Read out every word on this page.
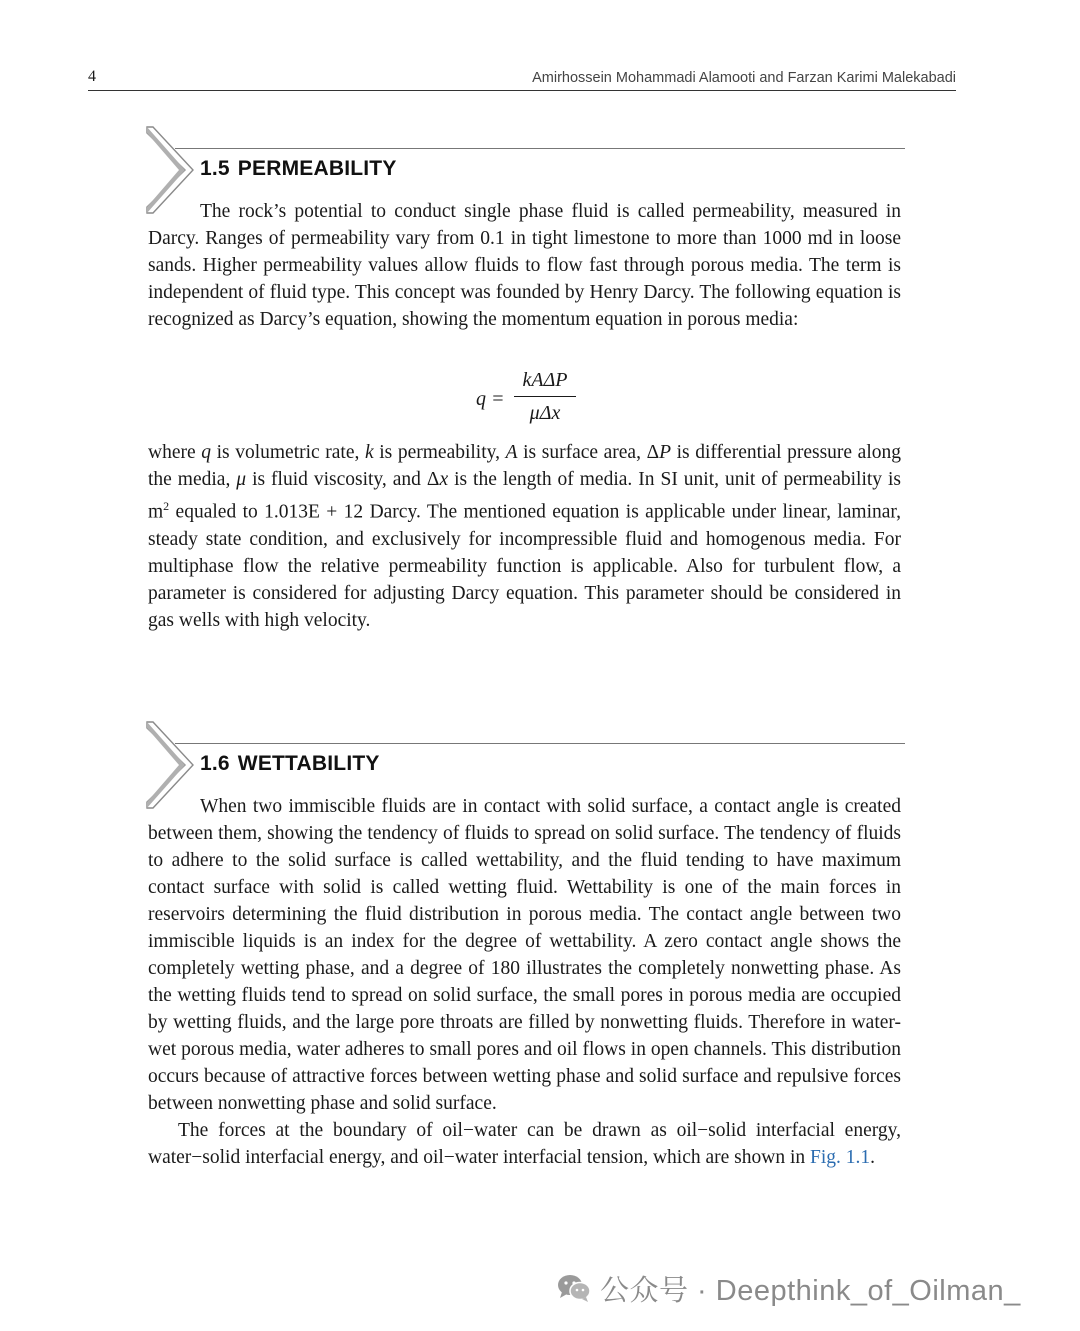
4	Amirhossein Mohammadi Alamooti and Farzan Karimi Malekabadi
1.5 PERMEABILITY

The rock’s potential to conduct single phase fluid is called permeability, measured in Darcy. Ranges of permeability vary from 0.1 in tight limestone to more than 1000 md in loose sands. Higher permeability values allow fluids to flow fast through porous media. The term is independent of fluid type. This concept was founded by Henry Darcy. The following equation is recognized as Darcy’s equation, showing the momentum equation in porous media:

q =
kAΔP
μΔx

where q is volumetric rate, k is permeability, A is surface area, ΔP is differential pressure along the media, μ is fluid viscosity, and Δx is the length of media. In SI unit, unit of permeability is $m^2$ equaled to 1.013E + 12 Darcy. The mentioned equation is applicable under linear, laminar, steady state condition, and exclusively for incompressible fluid and homogenous media. For multiphase flow the relative permeability function is applicable. Also for turbulent flow, a parameter is considered for adjusting Darcy equation. This parameter should be considered in gas wells with high velocity.

1.6 WETTABILITY

When two immiscible fluids are in contact with solid surface, a contact angle is created between them, showing the tendency of fluids to spread on solid surface. The tendency of fluids to adhere to the solid surface is called wettability, and the fluid tending to have maximum contact surface with solid is called wetting fluid. Wettability is one of the main forces in reservoirs determining the fluid distribution in porous media. The contact angle between two immiscible liquids is an index for the degree of wettability. A zero contact angle shows the completely wetting phase, and a degree of 180 illustrates the completely nonwetting phase. As the wetting fluids tend to spread on solid surface, the small pores in porous media are occupied by wetting fluids, and the large pore throats are filled by nonwetting fluids. Therefore in water-wet porous media, water adheres to small pores and oil flows in open channels. This distribution occurs because of attractive forces between wetting phase and solid surface and repulsive forces between nonwetting phase and solid surface.

The forces at the boundary of oil−water can be drawn as oil−solid interfacial energy, water−solid interfacial energy, and oil−water interfacial tension, which are shown in Fig. 1.1.

公众号 · Deepthink_of_Oilman_
